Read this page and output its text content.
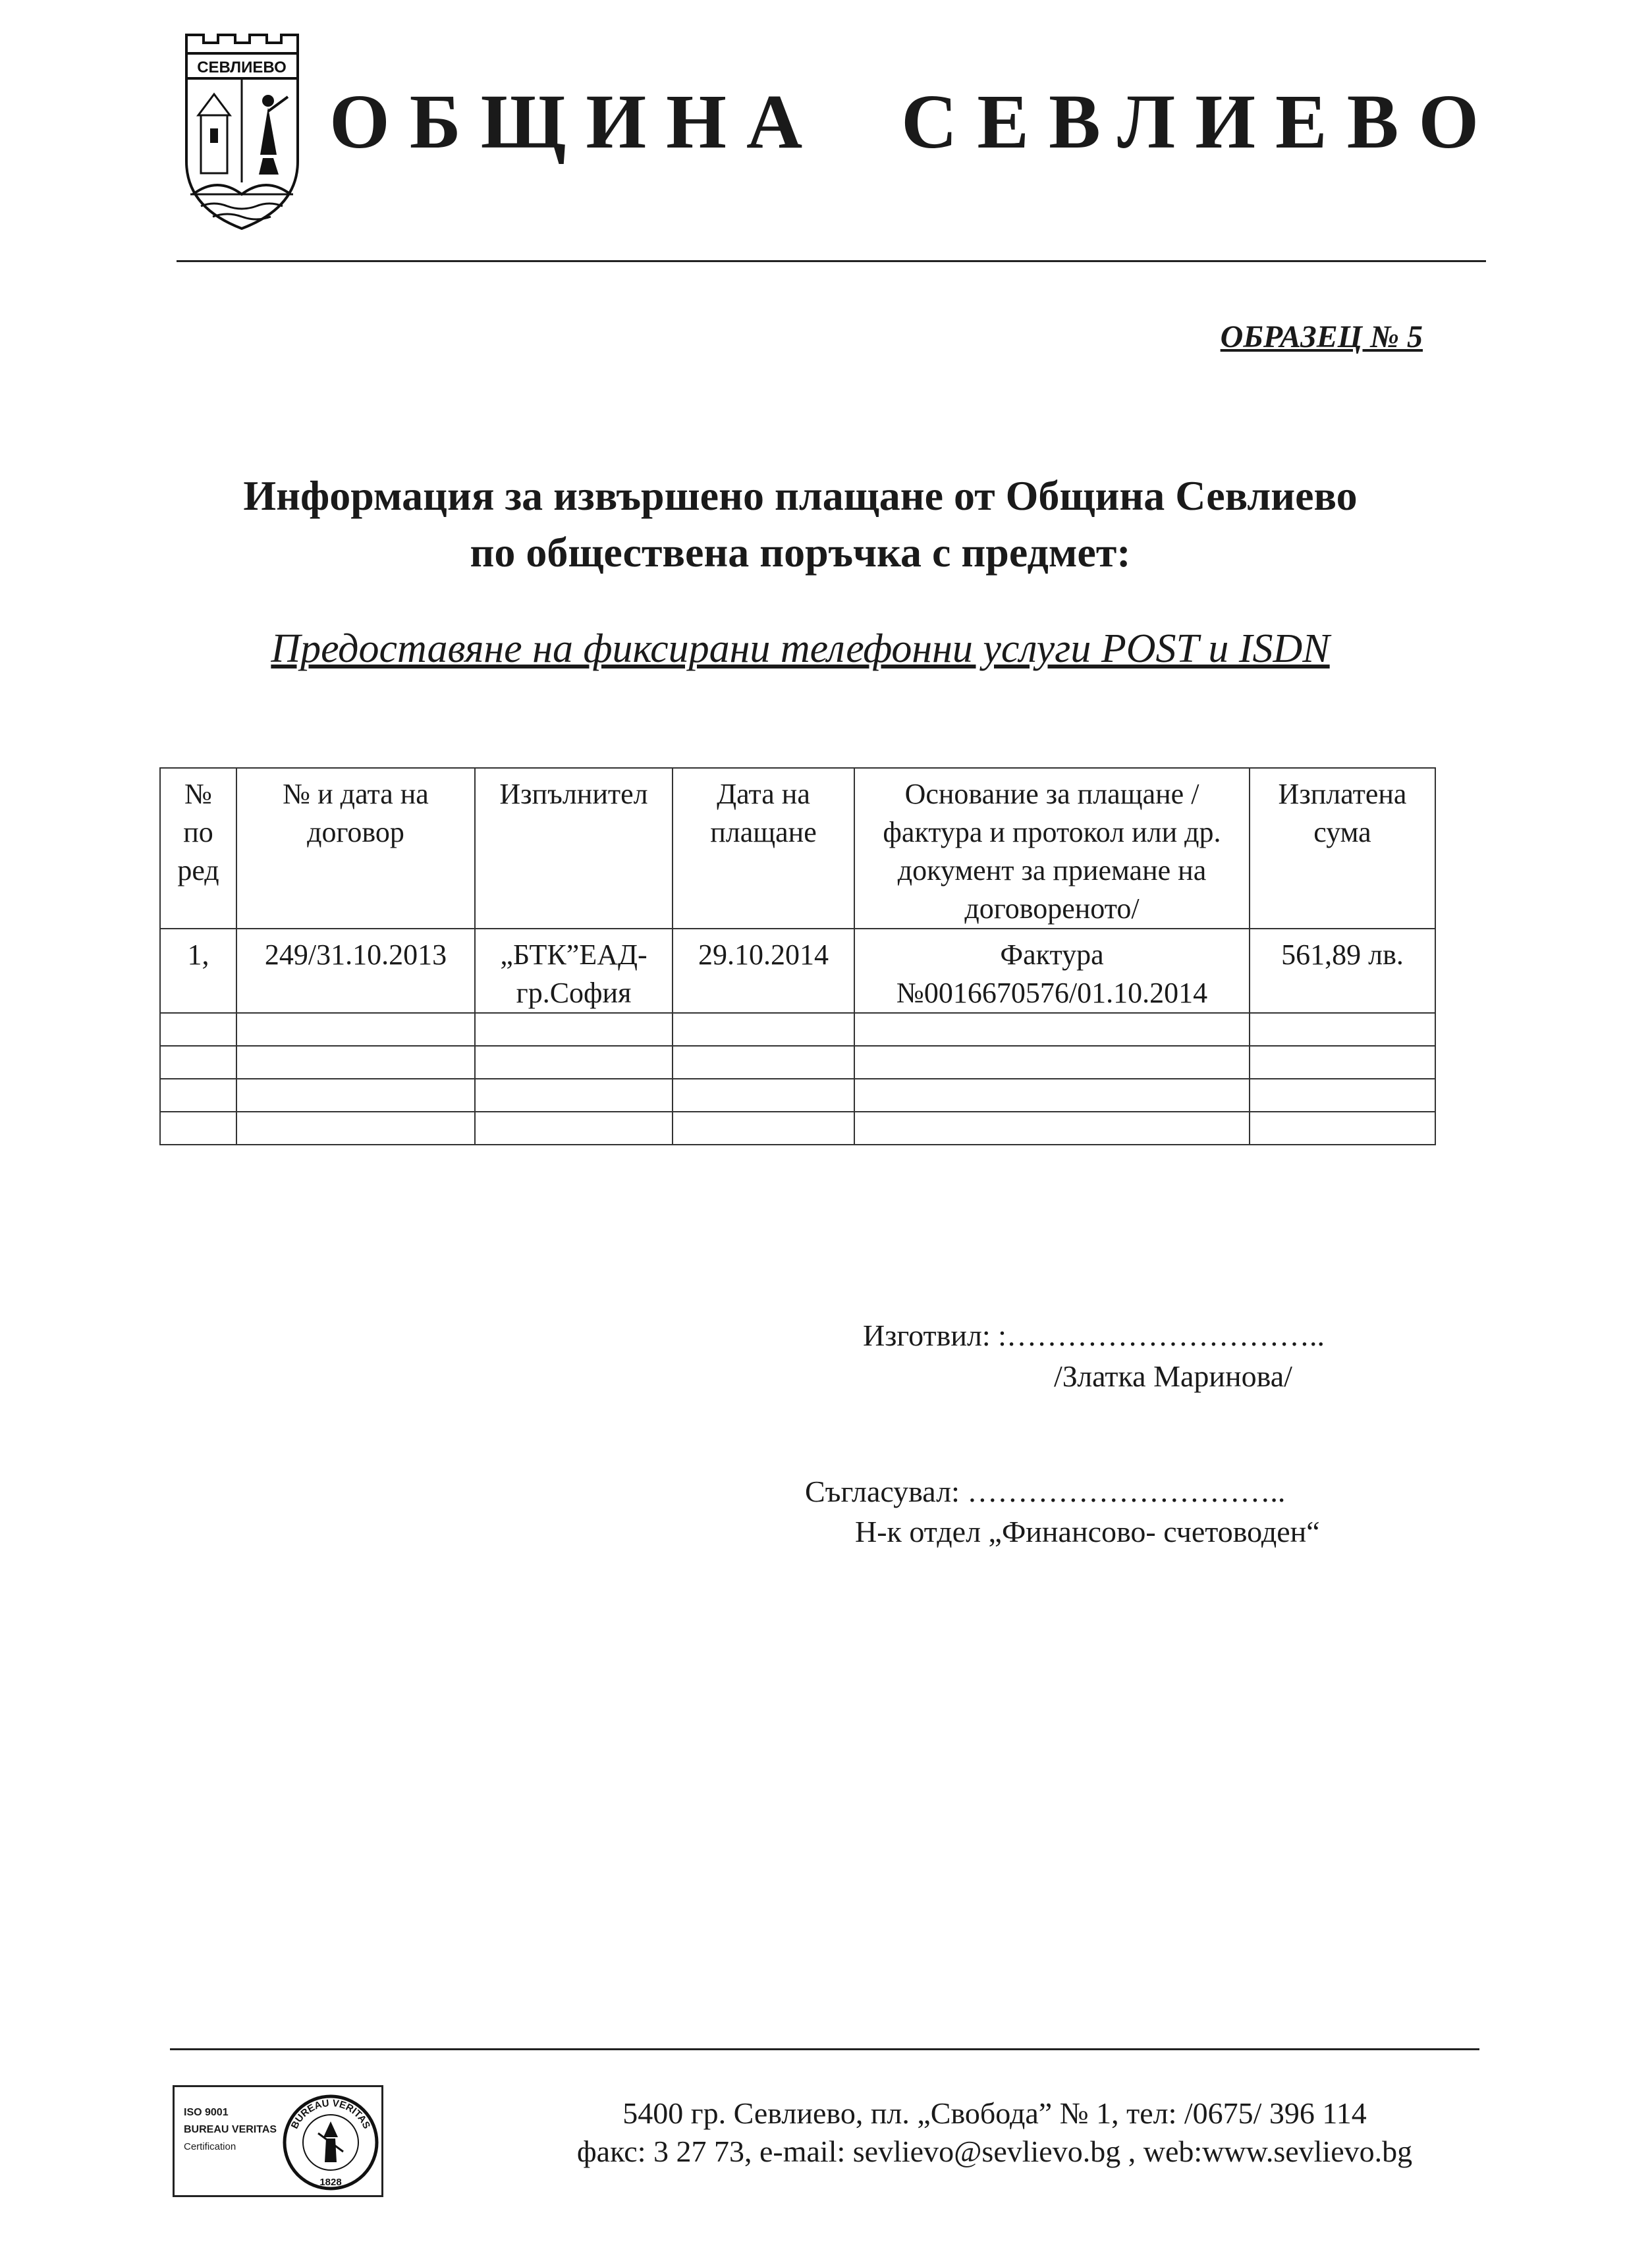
СЕВЛИЕВО
ОБЩИНА СЕВЛИЕВО
ОБРАЗЕЦ № 5
Информация за извършено плащане от Община Севлиево
по обществена поръчка с предмет:
Предоставяне на фиксирани телефонни услуги POST и ISDN
№ по ред	№ и дата на договор	Изпълнител	Дата на плащане	Основание за плащане /фактура и протокол или др. документ за приемане на договореното/	Изплатена сума
1,	249/31.10.2013	„БТК”ЕАД-гр.София	29.10.2014	Фактура №0016670576/01.10.2014	561,89 лв.

Изготвил: :…………………………..
/Златка Маринова/
Съгласувал: …………………………..
Н-к отдел „Финансово- счетоводен“
ISO 9001
BUREAU VERITAS
Certification
BUREAU VERITAS
1828
5400 гр. Севлиево, пл. „Свобода” № 1, тел: /0675/ 396 114
факс: 3 27 73, e-mail: sevlievo@sevlievo.bg , web:www.sevlievo.bg
